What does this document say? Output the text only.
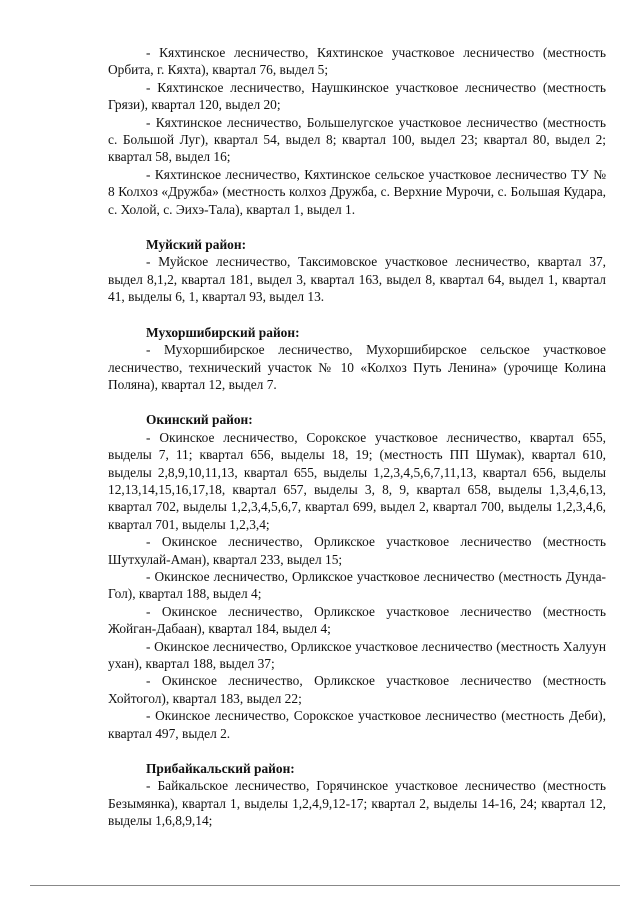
- Кяхтинское лесничество, Кяхтинское участковое лесничество (местность Орбита, г. Кяхта), квартал 76, выдел 5;

- Кяхтинское лесничество, Наушкинское участковое лесничество (местность Грязи), квартал 120, выдел 20;

- Кяхтинское лесничество, Большелугское участковое лесничество (местность с. Большой Луг), квартал 54, выдел 8; квартал 100, выдел 23; квартал 80, выдел 2; квартал 58, выдел 16;

- Кяхтинское лесничество, Кяхтинское сельское участковое лесничество ТУ № 8 Колхоз «Дружба» (местность колхоз Дружба, с. Верхние Мурочи, с. Большая Кудара, с. Холой, с. Эихэ-Тала), квартал 1, выдел 1.

Муйский район:

- Муйское лесничество, Таксимовское участковое лесничество, квартал 37, выдел 8,1,2, квартал 181, выдел 3, квартал 163, выдел 8, квартал 64, выдел 1, квартал 41, выделы 6, 1, квартал 93, выдел 13.

Мухоршибирский район:

- Мухоршибирское лесничество, Мухоршибирское сельское участковое лесничество, технический участок № 10 «Колхоз Путь Ленина» (урочище Колина Поляна), квартал 12, выдел 7.

Окинский район:

- Окинское лесничество, Сорокское участковое лесничество, квартал 655, выделы 7, 11; квартал 656, выделы 18, 19; (местность ПП Шумак), квартал 610, выделы 2,8,9,10,11,13, квартал 655, выделы 1,2,3,4,5,6,7,11,13, квартал 656, выделы 12,13,14,15,16,17,18, квартал 657, выделы 3, 8, 9, квартал 658, выделы 1,3,4,6,13, квартал 702, выделы 1,2,3,4,5,6,7, квартал 699, выдел 2, квартал 700, выделы 1,2,3,4,6, квартал 701, выделы 1,2,3,4;

- Окинское лесничество, Орликское участковое лесничество (местность Шутхулай-Аман), квартал 233, выдел 15;

- Окинское лесничество, Орликское участковое лесничество (местность Дунда-Гол), квартал 188, выдел 4;

- Окинское лесничество, Орликское участковое лесничество (местность Жойган-Дабаан), квартал 184, выдел 4;

- Окинское лесничество, Орликское участковое лесничество (местность Халуун ухан), квартал 188, выдел 37;

- Окинское лесничество, Орликское участковое лесничество (местность Хойтогол), квартал 183, выдел 22;

- Окинское лесничество, Сорокское участковое лесничество (местность Деби), квартал 497, выдел 2.

Прибайкальский район:

- Байкальское лесничество, Горячинское участковое лесничество (местность Безымянка), квартал 1, выделы 1,2,4,9,12-17; квартал 2, выделы 14-16, 24; квартал 12, выделы 1,6,8,9,14;
